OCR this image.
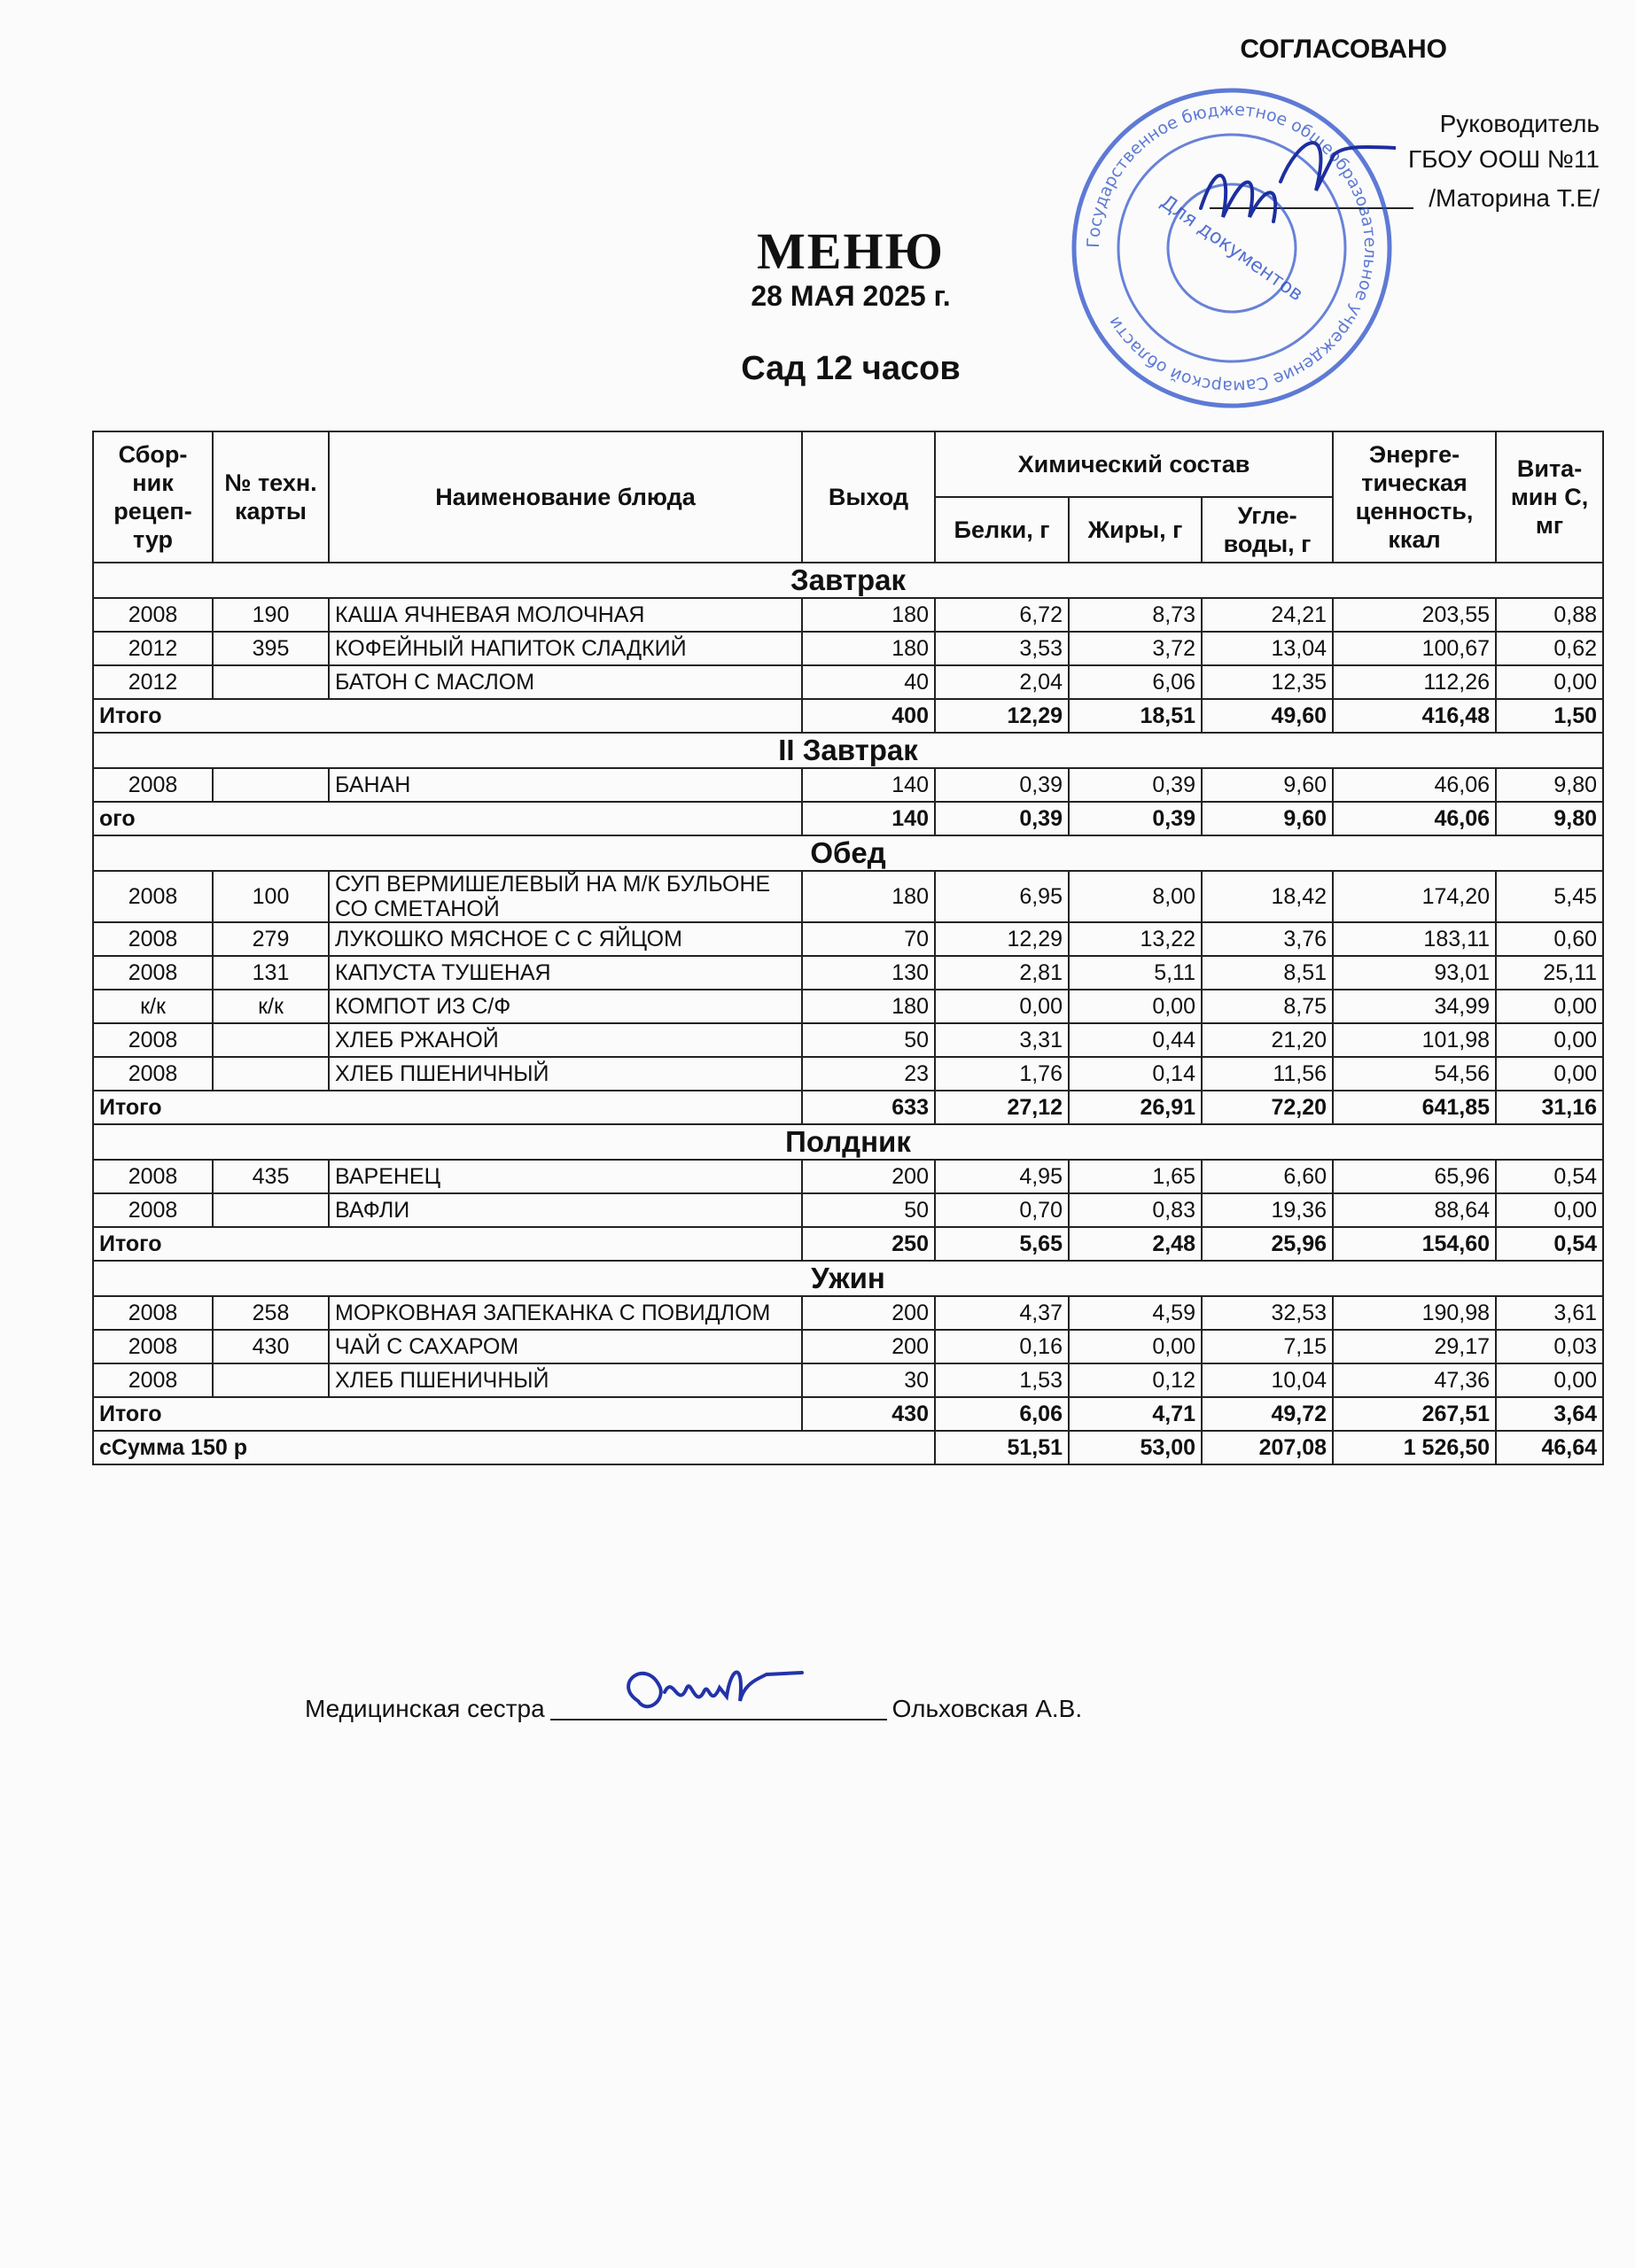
СОГЛАСОВАНО
Руководитель
ГБОУ ООШ №11
/Маторина Т.Е/
Государственное бюджетное общеобразовательное учреждение Самарской области
Для документов
МЕНЮ
28 МАЯ 2025 г.
Сад 12 часов
Сбор-ник рецеп-тур	№ техн. карты	Наименование блюда	Выход	Химический состав			Энерге-тическая ценность, ккал	Вита-мин С, мг
				Белки, г	Жиры, г	Угле-воды, г		
Завтрак								
2008	190	КАША ЯЧНЕВАЯ МОЛОЧНАЯ	180	6,72	8,73	24,21	203,55	0,88
2012	395	КОФЕЙНЫЙ НАПИТОК СЛАДКИЙ	180	3,53	3,72	13,04	100,67	0,62
2012		БАТОН С МАСЛОМ	40	2,04	6,06	12,35	112,26	0,00
Итого			400	12,29	18,51	49,60	416,48	1,50
II Завтрак								
2008		БАНАН	140	0,39	0,39	9,60	46,06	9,80
ого			140	0,39	0,39	9,60	46,06	9,80
Обед								
2008	100	СУП ВЕРМИШЕЛЕВЫЙ НА М/К БУЛЬОНЕ СО СМЕТАНОЙ	180	6,95	8,00	18,42	174,20	5,45
2008	279	ЛУКОШКО МЯСНОЕ С С ЯЙЦОМ	70	12,29	13,22	3,76	183,11	0,60
2008	131	КАПУСТА ТУШЕНАЯ	130	2,81	5,11	8,51	93,01	25,11
к/к	к/к	КОМПОТ ИЗ С/Ф	180	0,00	0,00	8,75	34,99	0,00
2008		ХЛЕБ РЖАНОЙ	50	3,31	0,44	21,20	101,98	0,00
2008		ХЛЕБ ПШЕНИЧНЫЙ	23	1,76	0,14	11,56	54,56	0,00
Итого			633	27,12	26,91	72,20	641,85	31,16
Полдник								
2008	435	ВАРЕНЕЦ	200	4,95	1,65	6,60	65,96	0,54
2008		ВАФЛИ	50	0,70	0,83	19,36	88,64	0,00
Итого			250	5,65	2,48	25,96	154,60	0,54
Ужин								
2008	258	МОРКОВНАЯ ЗАПЕКАНКА С ПОВИДЛОМ	200	4,37	4,59	32,53	190,98	3,61
2008	430	ЧАЙ С САХАРОМ	200	0,16	0,00	7,15	29,17	0,03
2008		ХЛЕБ ПШЕНИЧНЫЙ	30	1,53	0,12	10,04	47,36	0,00
Итого			430	6,06	4,71	49,72	267,51	3,64
сСумма 150 р				51,51	53,00	207,08	1 526,50	46,64
Медицинская сестра	Ольховская А.В.
